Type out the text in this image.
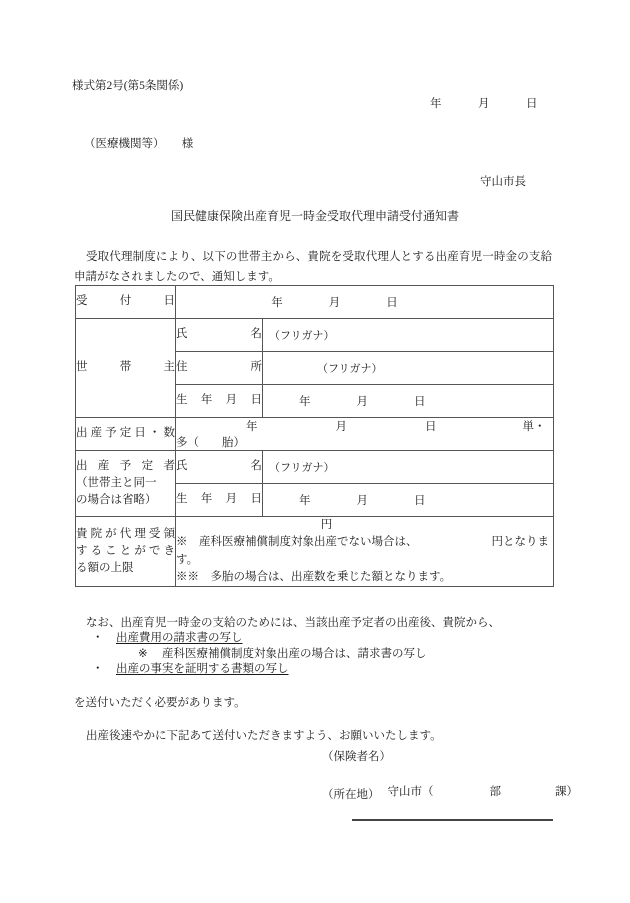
様式第2号(第5条関係)
年　　　月　　　日
（医療機関等）　　様
守山市長
国民健康保険出産育児一時金受取代理申請受付通知書
受取代理制度により、以下の世帯主から、貴院を受取代理人とする出産育児一時金の支給申請がなされましたので、通知します。
受付日	年　　　　月　　　　日	

世帯主	氏名	（フリガナ）

	住所	（フリガナ）

	生年月日	年　　　　月　　　　日

出産予定日・数	年 月 日 単・多（　　胎）	

出産予定者
（世帯主と同一
の場合は省略）	氏名	（フリガナ）

	生年月日	年　　　　月　　　　日

貴院が代理受領
することができ
る額の上限	円
※　産科医療補償制度対象出産でない場合は、 円となります。
※※　多胎の場合は、出産数を乗じた額となります。	
なお、出産育児一時金の支給のためには、当該出産予定者の出産後、貴院から、
・ 出産費用の請求書の写し
※ 産科医療補償制度対象出産の場合は、請求書の写し
・ 出産の事実を証明する書類の写し
を送付いただく必要があります。
出産後速やかに下記あて送付いただきますよう、お願いいたします。
（保険者名）

守山市（	部	課）

（所在地）
